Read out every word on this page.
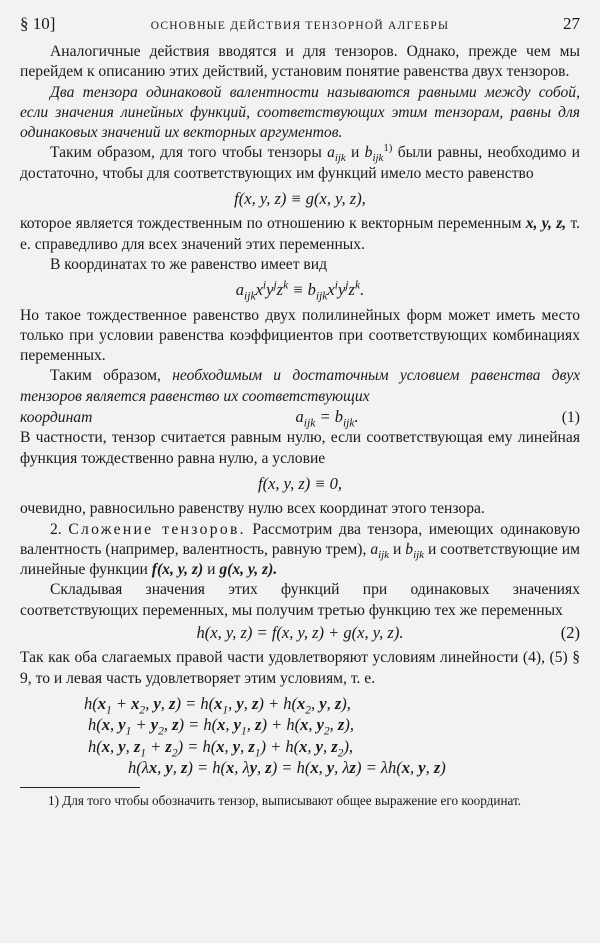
§ 10]	ОСНОВНЫЕ ДЕЙСТВИЯ ТЕНЗОРНОЙ АЛГЕБРЫ	27

Аналогичные действия вводятся и для тензоров. Однако, прежде чем мы перейдем к описанию этих действий, установим понятие равенства двух тензоров.

Два тензора одинаковой валентности называются равными между собой, если значения линейных функций, соответствующих этим тензорам, равны для одинаковых значений их векторных аргументов.

Таким образом, для того чтобы тензоры $a_{ijk}$ и $b_{ijk}^{1)}$ были равны, необходимо и достаточно, чтобы для соответствующих им функций имело место равенство

f(x, y, z) ≡ g(x, y, z),

которое является тождественным по отношению к векторным переменным x, y, z, т. е. справедливо для всех значений этих переменных.

В координатах то же равенство имеет вид

$a_{ijk}x^iy^jz^k \equiv b_{ijk}x^iy^jz^k$.

Но такое тождественное равенство двух полилинейных форм может иметь место только при условии равенства коэффициентов при соответствующих комбинациях переменных.

Таким образом, необходимым и достаточным условием равенства двух тензоров является равенство их соответствующих

координат	$a_{ijk} = b_{ijk}$.	(1)

В частности, тензор считается равным нулю, если соответствующая ему линейная функция тождественно равна нулю, а условие

f(x, y, z) ≡ 0,

очевидно, равносильно равенству нулю всех координат этого тензора.

2. Сложение тензоров. Рассмотрим два тензора, имеющих одинаковую валентность (например, валентность, равную трем), $a_{ijk}$ и $b_{ijk}$ и соответствующие им линейные функции f(x, y, z) и g(x, y, z).

Складывая значения этих функций при одинаковых значениях соответствующих переменных, мы получим третью функцию тех же переменных

h(x, y, z) = f(x, y, z) + g(x, y, z).	(2)

Так как оба слагаемых правой части удовлетворяют условиям линейности (4), (5) § 9, то и левая часть удовлетворяет этим условиям, т. е.

$h(x_1 + x_2$, y, $z) = h(x_1$, y, $z) + h(x_2$, y, z),
h(x, $y_1 + y_2$, z) = h(x, $y_1$, z) + h(x, $y_2$, z),
h(x, y, $z_1 + z_2) = h(x$, y, $z_1) + h(x$, y, $z_2$),
h(λx, y, z) = h(x, λy, z) = h(x, y, λz) = λh(x, y, z)
1) Для того чтобы обозначить тензор, выписывают общее выражение его координат.
